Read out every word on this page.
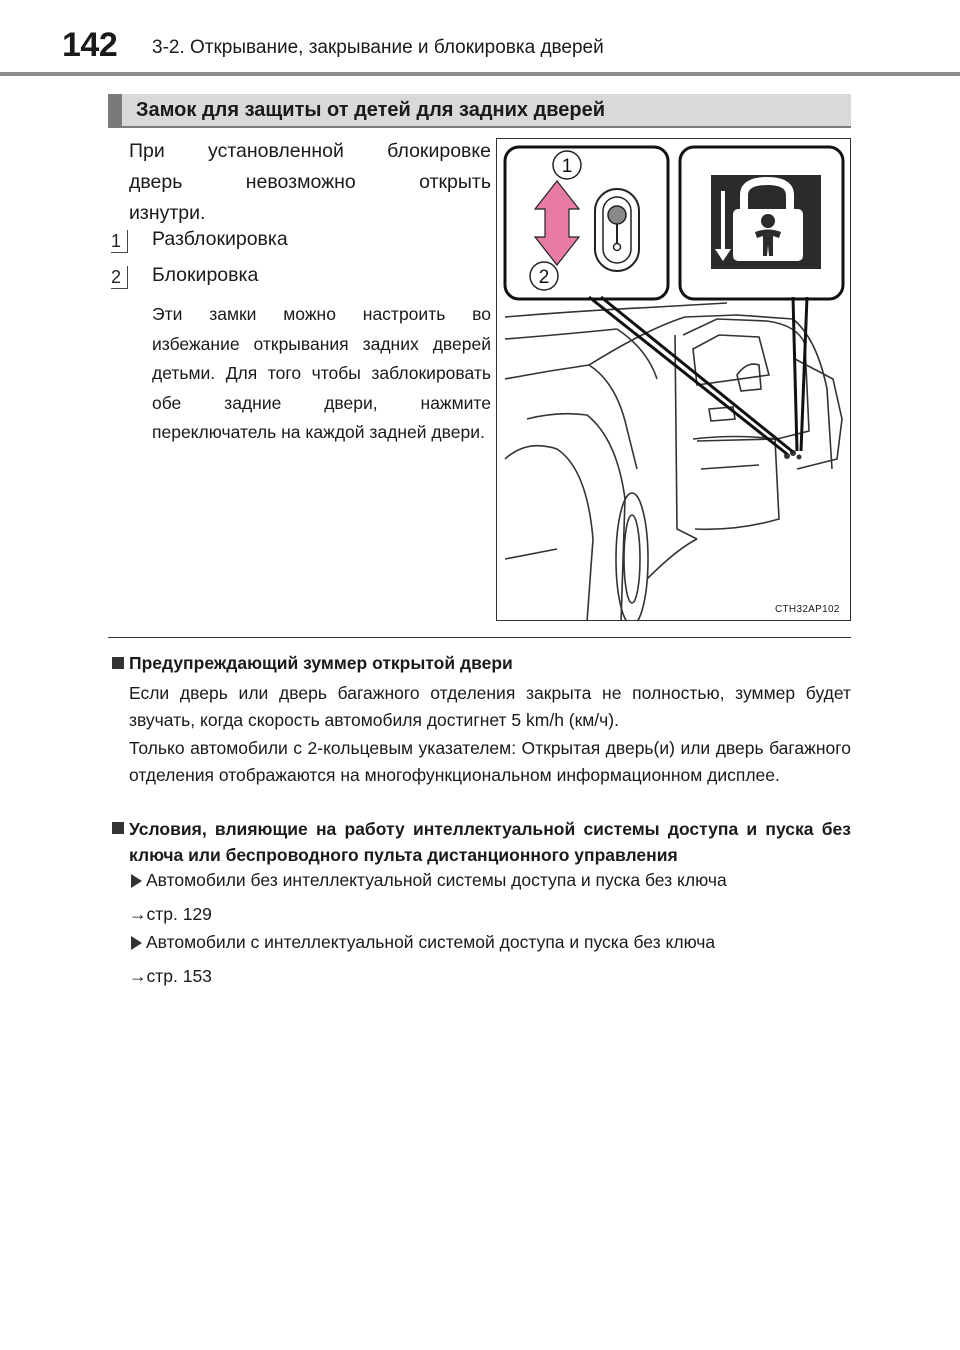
142 3-2. Открывание, закрывание и блокировка дверей
Замок для защиты от детей для задних дверей
При установленной блокировке
дверь невозможно открыть
изнутри.
1	Разблокировка
2	Блокировка
Эти замки можно настроить во избежание открывания задних дверей детьми. Для того чтобы заблокировать обе задние двери, нажмите переключатель на каждой задней двери.
1
2
CTH32AP102
Предупреждающий зуммер открытой двери
Если дверь или дверь багажного отделения закрыта не полностью, зуммер будет звучать, когда скорость автомобиля достигнет 5 km/h (км/ч).
Только автомобили с 2-кольцевым указателем: Открытая дверь(и) или дверь багажного отделения отображаются на многофункциональном информационном дисплее.
Условия, влияющие на работу интеллектуальной системы доступа и пуска без ключа или беспроводного пульта дистанционного управления
Автомобили без интеллектуальной системы доступа и пуска без ключа
→стр. 129
Автомобили с интеллектуальной системой доступа и пуска без ключа
→стр. 153
